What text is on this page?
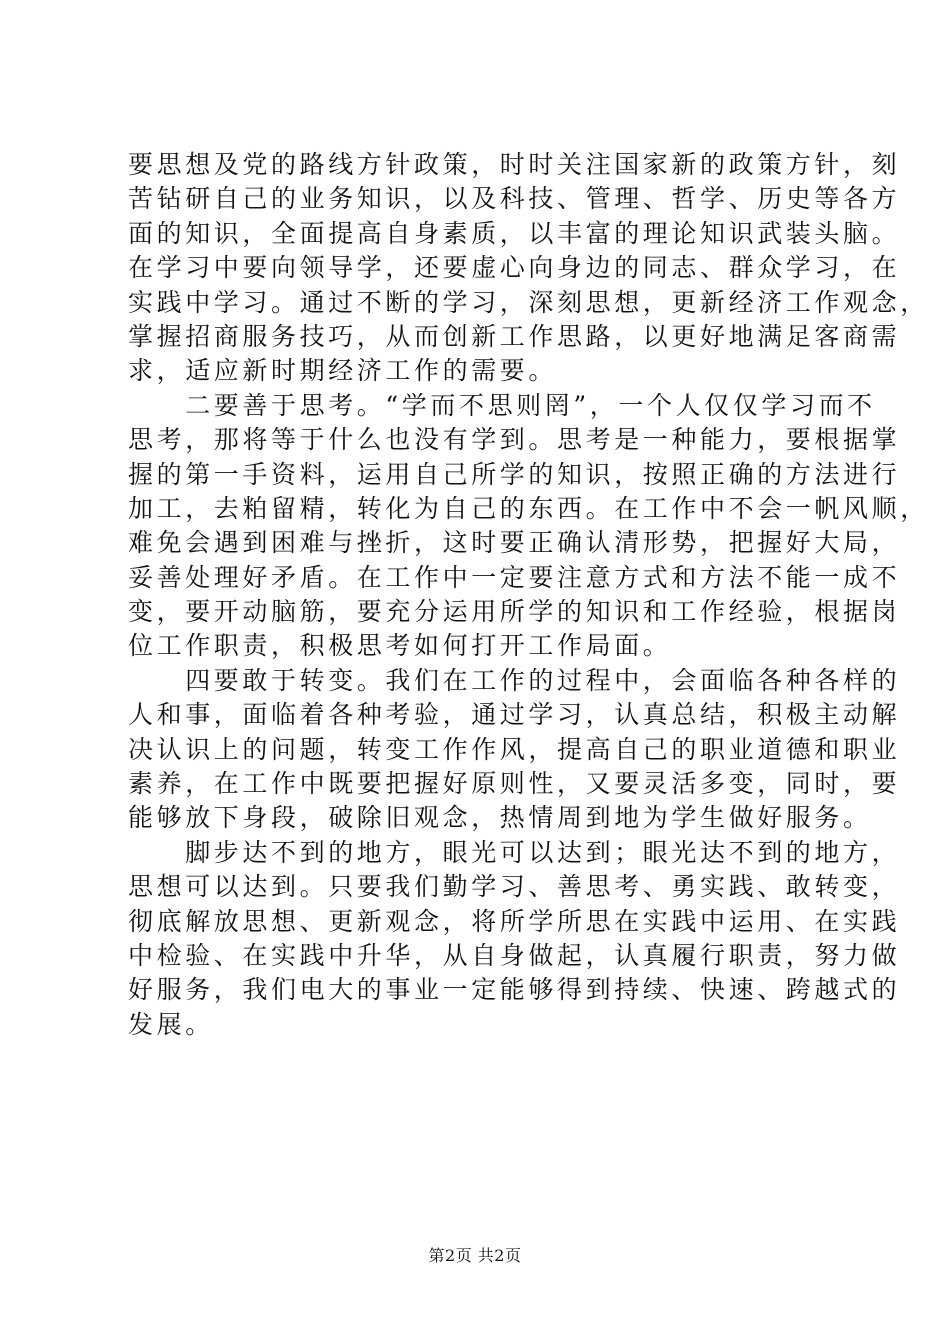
要思想及党的路线方针政策，时时关注国家新的政策方针，刻
苦钻研自己的业务知识，以及科技、管理、哲学、历史等各方
面的知识，全面提高自身素质，以丰富的理论知识武装头脑。
在学习中要向领导学，还要虚心向身边的同志、群众学习，在
实践中学习。通过不断的学习，深刻思想，更新经济工作观念，
掌握招商服务技巧，从而创新工作思路，以更好地满足客商需
求，适应新时期经济工作的需要。
　　二要善于思考。“学而不思则罔”，一个人仅仅学习而不
思考，那将等于什么也没有学到。思考是一种能力，要根据掌
握的第一手资料，运用自己所学的知识，按照正确的方法进行
加工，去粕留精，转化为自己的东西。在工作中不会一帆风顺，
难免会遇到困难与挫折，这时要正确认清形势，把握好大局，
妥善处理好矛盾。在工作中一定要注意方式和方法不能一成不
变，要开动脑筋，要充分运用所学的知识和工作经验，根据岗
位工作职责，积极思考如何打开工作局面。
　　四要敢于转变。我们在工作的过程中，会面临各种各样的
人和事，面临着各种考验，通过学习，认真总结，积极主动解
决认识上的问题，转变工作作风，提高自己的职业道德和职业
素养，在工作中既要把握好原则性，又要灵活多变，同时，要
能够放下身段，破除旧观念，热情周到地为学生做好服务。
　　脚步达不到的地方，眼光可以达到；眼光达不到的地方，
思想可以达到。只要我们勤学习、善思考、勇实践、敢转变，
彻底解放思想、更新观念，将所学所思在实践中运用、在实践
中检验、在实践中升华，从自身做起，认真履行职责，努力做
好服务，我们电大的事业一定能够得到持续、快速、跨越式的
发展。
第2页 共2页
